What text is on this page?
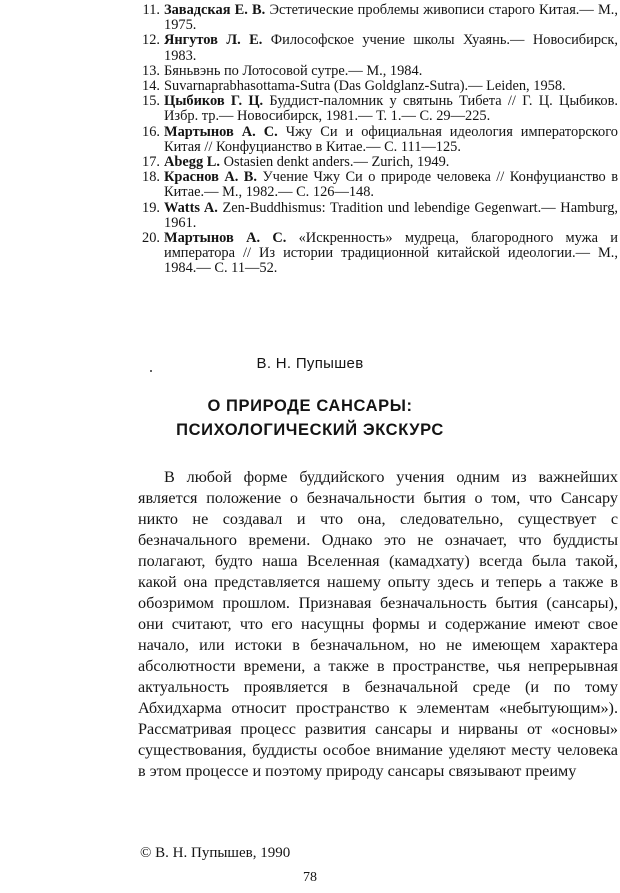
11. Завадская Е. В. Эстетические проблемы живописи старого Китая.— М., 1975.
12. Янгутов Л. Е. Философское учение школы Хуаянь.— Новосибирск, 1983.
13. Бяньвэнь по Лотосовой сутре.— М., 1984.
14. Suvarnaprabhasottama-Sutra (Das Goldglanz-Sutra).— Leiden, 1958.
15. Цыбиков Г. Ц. Буддист-паломник у святынь Тибета // Г. Ц. Цыбиков. Избр. тр.— Новосибирск, 1981.— Т. 1.— С. 29—225.
16. Мартынов А. С. Чжу Си и официальная идеология императорского Китая // Конфуцианство в Китае.— С. 111—125.
17. Abegg L. Ostasien denkt anders.— Zurich, 1949.
18. Краснов А. В. Учение Чжу Си о природе человека // Конфуцианство в Китае.— М., 1982.— С. 126—148.
19. Watts A. Zen-Buddhismus: Tradition und lebendige Gegenwart.— Hamburg, 1961.
20. Мартынов А. С. «Искренность» мудреца, благородного мужа и императора // Из истории традиционной китайской идеологии.— М., 1984.— С. 11—52.
В. Н. Пупышев
О ПРИРОДЕ САНСАРЫ:
ПСИХОЛОГИЧЕСКИЙ ЭКСКУРС

В любой форме буддийского учения одним из важнейших является положение о безначальности бытия о том, что Сансару никто не создавал и что она, следовательно, существует с безначального времени. Однако это не означает, что буддисты полагают, будто наша Вселенная (камадхату) всегда была такой, какой она представляется нашему опыту здесь и теперь а также в обозримом прошлом. Признавая безначальность бытия (сансары), они считают, что его насущны формы и содержание имеют свое начало, или истоки в безначальном, но не имеющем характера абсолютности времени, а также в пространстве, чья непрерывная актуальность проявляется в безначальной среде (и по тому Абхидхарма относит пространство к элементам «небытующим»). Рассматривая процесс развития сансары и нирваны от «основы» существования, буддисты особое внимание уделяют месту человека в этом процессе и поэтому природу сансары связывают преиму

© В. Н. Пупышев, 1990
78
